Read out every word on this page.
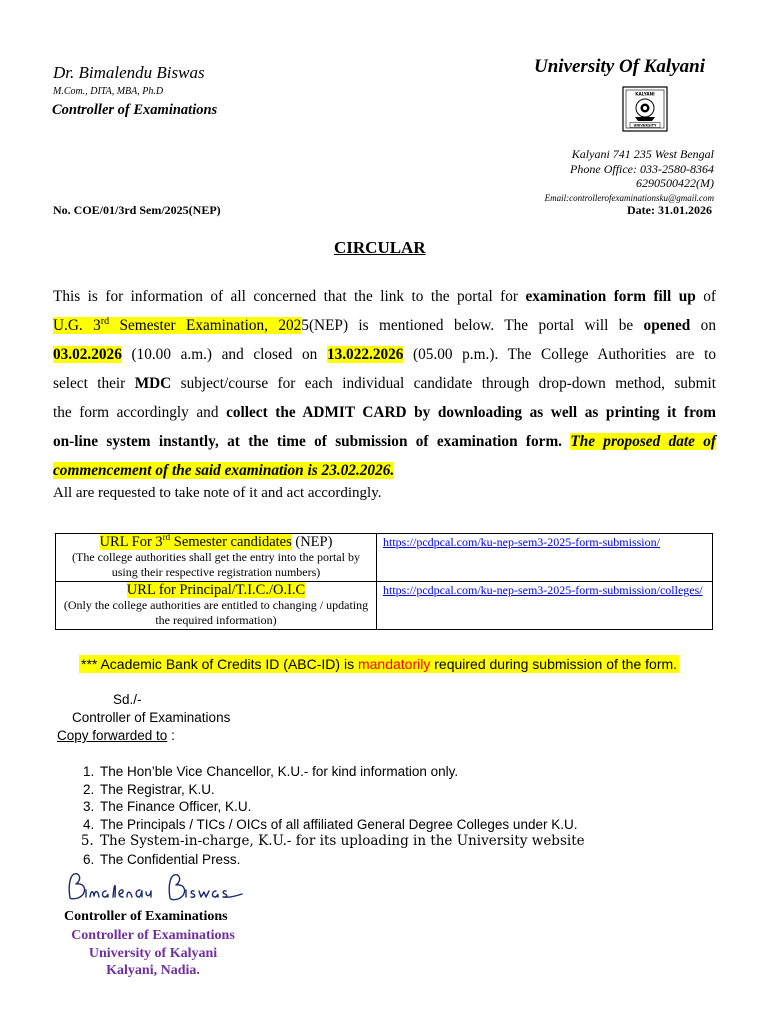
Dr. Bimalendu Biswas
M.Com., DITA, MBA, Ph.D
Controller of Examinations
University Of Kalyani
KALYANI
UNIVERSITY
Kalyani 741 235 West Bengal
Phone Office: 033-2580-8364
6290500422(M)
Email:controllerofexaminationsku@gmail.com
No. COE/01/3rd Sem/2025(NEP)	Date: 31.01.2026
CIRCULAR
This is for information of all concerned that the link to the portal for examination form fill up of
U.G. 3rd Semester Examination, 2025(NEP) is mentioned below. The portal will be opened on
03.02.2026 (10.00 a.m.) and closed on 13.022.2026 (05.00 p.m.). The College Authorities are to
select their MDC subject/course for each individual candidate through drop-down method, submit
the form accordingly and collect the ADMIT CARD by downloading as well as printing it from
on-line system instantly, at the time of submission of examination form. The proposed date of
commencement of the said examination is 23.02.2026.
All are requested to take note of it and act accordingly.
URL For 3rd Semester candidates (NEP)
(The college authorities shall get the entry into the portal by using their respective registration numbers)	https://pcdpcal.com/ku-nep-sem3-2025-form-submission/

URL for Principal/T.I.C./O.I.C
(Only the college authorities are entitled to changing / updating the required information)	https://pcdpcal.com/ku-nep-sem3-2025-form-submission/colleges/
*** Academic Bank of Credits ID (ABC-ID) is mandatorily required during submission of the form.
Sd./-
Controller of Examinations
Copy forwarded to :
1. The Hon’ble Vice Chancellor, K.U.- for kind information only.
2. The Registrar, K.U.
3. The Finance Officer, K.U.
4. The Principals / TICs / OICs of all affiliated General Degree Colleges under K.U.
5. The System-in-charge, K.U.- for its uploading in the University website
6. The Confidential Press.
Controller of Examinations
Controller of Examinations
University of Kalyani
Kalyani, Nadia.
